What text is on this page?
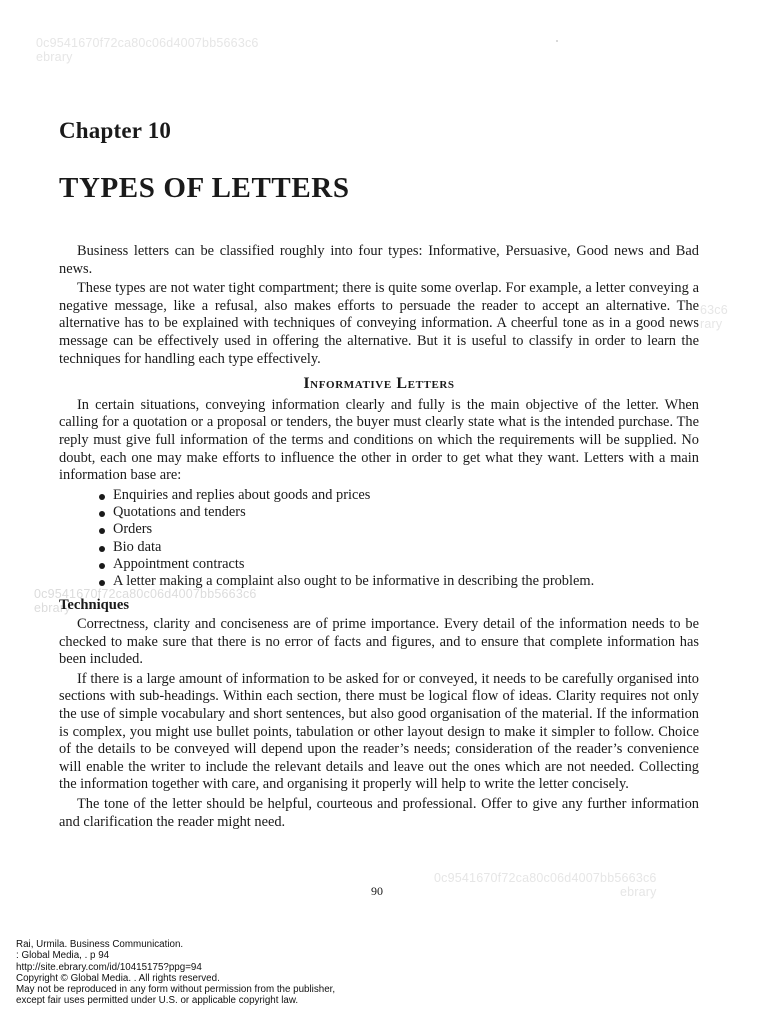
0c9541670f72ca80c06d4007bb5663c6
ebrary
63c6
rary
0c9541670f72ca80c06d4007bb5663c6
ebrary
0c9541670f72ca80c06d4007bb5663c6
ebrary
Chapter 10
TYPES OF LETTERS

Business letters can be classified roughly into four types: Informative, Persuasive, Good news and Bad news.

These types are not water tight compartment; there is quite some overlap. For example, a letter conveying a negative message, like a refusal, also makes efforts to persuade the reader to accept an alternative. The alternative has to be explained with techniques of conveying information. A cheerful tone as in a good news message can be effectively used in offering the alternative. But it is useful to classify in order to learn the techniques for handling each type effectively.

Informative Letters

In certain situations, conveying information clearly and fully is the main objective of the letter. When calling for a quotation or a proposal or tenders, the buyer must clearly state what is the intended purchase. The reply must give full information of the terms and conditions on which the requirements will be supplied. No doubt, each one may make efforts to influence the other in order to get what they want. Letters with a main information base are:

Enquiries and replies about goods and prices
Quotations and tenders
Orders
Bio data
Appointment contracts
A letter making a complaint also ought to be informative in describing the problem.
Techniques

Correctness, clarity and conciseness are of prime importance. Every detail of the information needs to be checked to make sure that there is no error of facts and figures, and to ensure that complete information has been included.

If there is a large amount of information to be asked for or conveyed, it needs to be carefully organised into sections with sub-headings. Within each section, there must be logical flow of ideas. Clarity requires not only the use of simple vocabulary and short sentences, but also good organisation of the material. If the information is complex, you might use bullet points, tabulation or other layout design to make it simpler to follow. Choice of the details to be conveyed will depend upon the reader’s needs; consideration of the reader’s convenience will enable the writer to include the relevant details and leave out the ones which are not needed. Collecting the information together with care, and organising it properly will help to write the letter concisely.

The tone of the letter should be helpful, courteous and professional. Offer to give any further information and clarification the reader might need.

90
Rai, Urmila. Business Communication.
: Global Media, . p 94
http://site.ebrary.com/id/10415175?ppg=94
Copyright © Global Media. . All rights reserved.
May not be reproduced in any form without permission from the publisher,
except fair uses permitted under U.S. or applicable copyright law.
